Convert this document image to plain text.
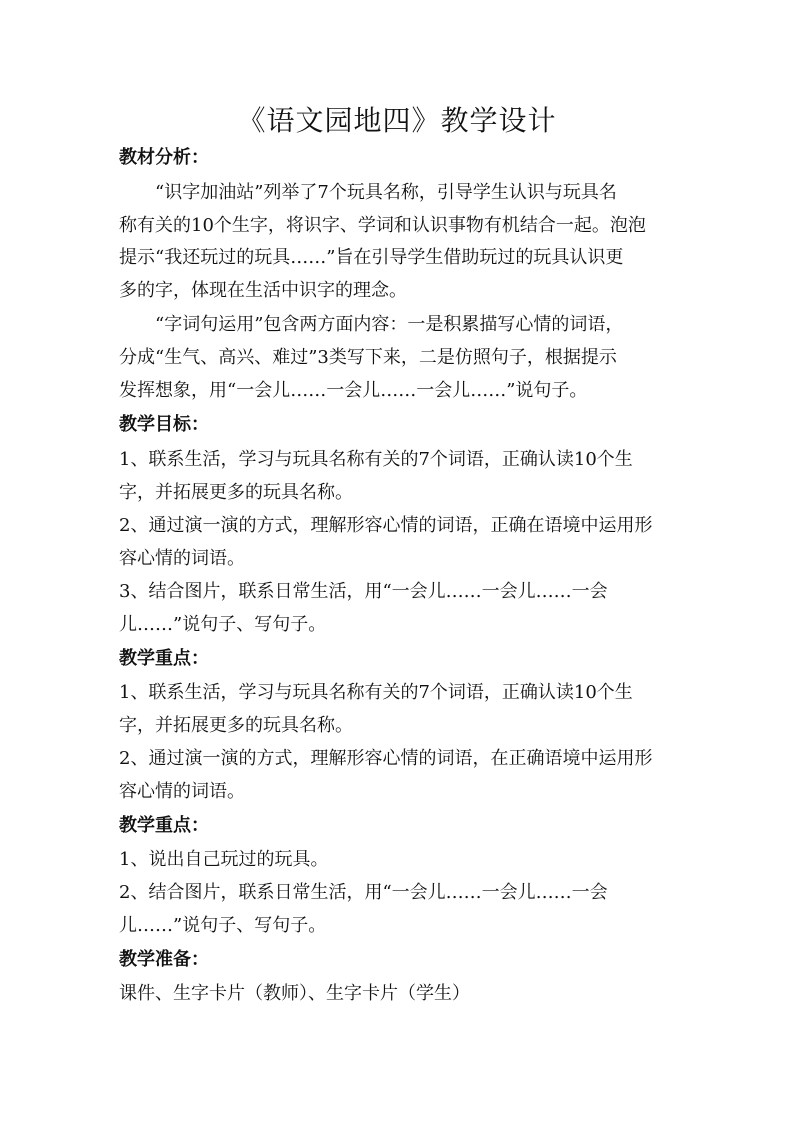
《语文园地四》教学设计
教材分析：
“识字加油站”列举了7个玩具名称，引导学生认识与玩具名
称有关的10个生字，将识字、学词和认识事物有机结合一起。泡泡
提示“我还玩过的玩具……”旨在引导学生借助玩过的玩具认识更
多的字，体现在生活中识字的理念。
“字词句运用”包含两方面内容：一是积累描写心情的词语，
分成“生气、高兴、难过”3类写下来，二是仿照句子，根据提示
发挥想象，用“一会儿……一会儿……一会儿……”说句子。
教学目标：
1、联系生活，学习与玩具名称有关的7个词语，正确认读10个生
字，并拓展更多的玩具名称。
2、通过演一演的方式，理解形容心情的词语，正确在语境中运用形
容心情的词语。
3、结合图片，联系日常生活，用“一会儿……一会儿……一会
儿……”说句子、写句子。
教学重点：
1、联系生活，学习与玩具名称有关的7个词语，正确认读10个生
字，并拓展更多的玩具名称。
2、通过演一演的方式，理解形容心情的词语，在正确语境中运用形
容心情的词语。
教学重点：
1、说出自己玩过的玩具。
2、结合图片，联系日常生活，用“一会儿……一会儿……一会
儿……”说句子、写句子。
教学准备：
课件、生字卡片（教师）、生字卡片（学生）
